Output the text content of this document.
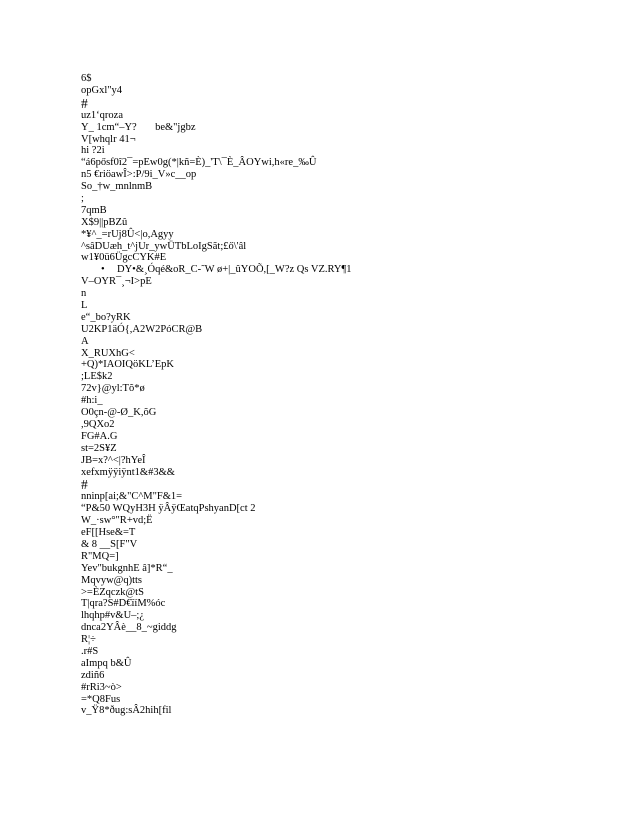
6$
opGxl"y4
#
uz1‘qroza
Y_ 1cm“–Y?       be&"jgbz
V[whqlr 41¬
hi ?2i
“á6pősf0î2¯=pEw0g(*|kñ=È)_'T\¯È_ÂOYwi,h«re_‰Û
n5 €riöawÎ>:P/9i_V»c__op
So_†w_mnlnmB
;
7qmB
X$9||pBZû
*¥^_=rUj8Û<|o,Agyy
^sâDUæh_t^jUr_ywÜTbLoIgSãt;£ő\'âl
w1¥0ü6ÜgcCYK#E
• DY•&¸Óqé&oR_C-˜W ø+|_ûYOÕ,[_W?z Qs VZ.RY¶1
V–OYR¯¸¬I>pE
n
L
e“_bo?yRK
U2KP1äÓ{,A2W2PóCR@B
A
X_RUXhG<
+Q)*IAOIQöKL’EpK
;LE$k2
72v}@yl:Tõ*ø
#h:i_
O0çn-@-Ø_K,õG
,9QXo2
FG#A.G
st=2S¥Z
JB=x?^<|?hYeÎ
xefxmÿÿiÿnt1&#3&&
#
nninp[ai;&"C^M"F&1=
“P&50 WQyH3H ÿÂÿŒatqPshyanD[ct 2
W_·sw°"R+vd;Ë
eF[[Hse&=T
& 8 __S[F"V
R"MQ=]
Yev"bukgnhE â]*R“_
Mqvyw@q)tts
>=ÈZqczk@tS
T|qra?S#D€ïíM%óc
lhqhp#v&U–;¿
dnca2YÂè__8_~giddg
R¦÷
.r#S
aImpq b&Û
zdiñ6
#rRi3~ò>
=*Q8Fus
v_Ÿ8*ðug:sÂ2hih[fil
